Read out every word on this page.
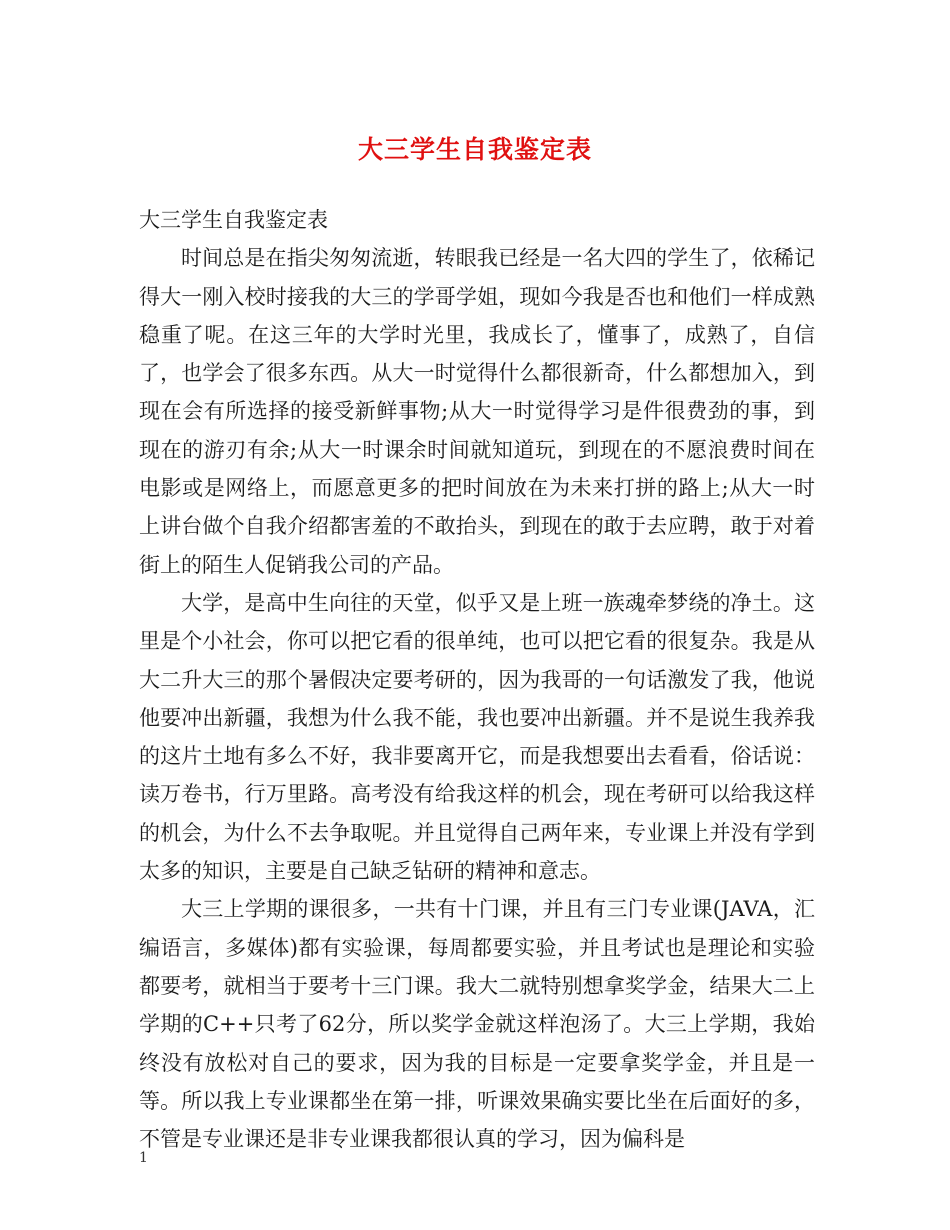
大三学生自我鉴定表

大三学生自我鉴定表

时间总是在指尖匆匆流逝，转眼我已经是一名大四的学生了，依稀记得大一刚入校时接我的大三的学哥学姐，现如今我是否也和他们一样成熟稳重了呢。在这三年的大学时光里，我成长了，懂事了，成熟了，自信了，也学会了很多东西。从大一时觉得什么都很新奇，什么都想加入，到现在会有所选择的接受新鲜事物;从大一时觉得学习是件很费劲的事，到现在的游刃有余;从大一时课余时间就知道玩，到现在的不愿浪费时间在电影或是网络上，而愿意更多的把时间放在为未来打拼的路上;从大一时上讲台做个自我介绍都害羞的不敢抬头，到现在的敢于去应聘，敢于对着街上的陌生人促销我公司的产品。

大学，是高中生向往的天堂，似乎又是上班一族魂牵梦绕的净土。这里是个小社会，你可以把它看的很单纯，也可以把它看的很复杂。我是从大二升大三的那个暑假决定要考研的，因为我哥的一句话激发了我，他说他要冲出新疆，我想为什么我不能，我也要冲出新疆。并不是说生我养我的这片土地有多么不好，我非要离开它，而是我想要出去看看，俗话说：读万卷书，行万里路。高考没有给我这样的机会，现在考研可以给我这样的机会，为什么不去争取呢。并且觉得自己两年来，专业课上并没有学到太多的知识，主要是自己缺乏钻研的精神和意志。

大三上学期的课很多，一共有十门课，并且有三门专业课(JAVA，汇编语言，多媒体)都有实验课，每周都要实验，并且考试也是理论和实验都要考，就相当于要考十三门课。我大二就特别想拿奖学金，结果大二上学期的C++只考了62分，所以奖学金就这样泡汤了。大三上学期，我始终没有放松对自己的要求，因为我的目标是一定要拿奖学金，并且是一等。所以我上专业课都坐在第一排，听课效果确实要比坐在后面好的多，不管是专业课还是非专业课我都很认真的学习，因为偏科是

1
